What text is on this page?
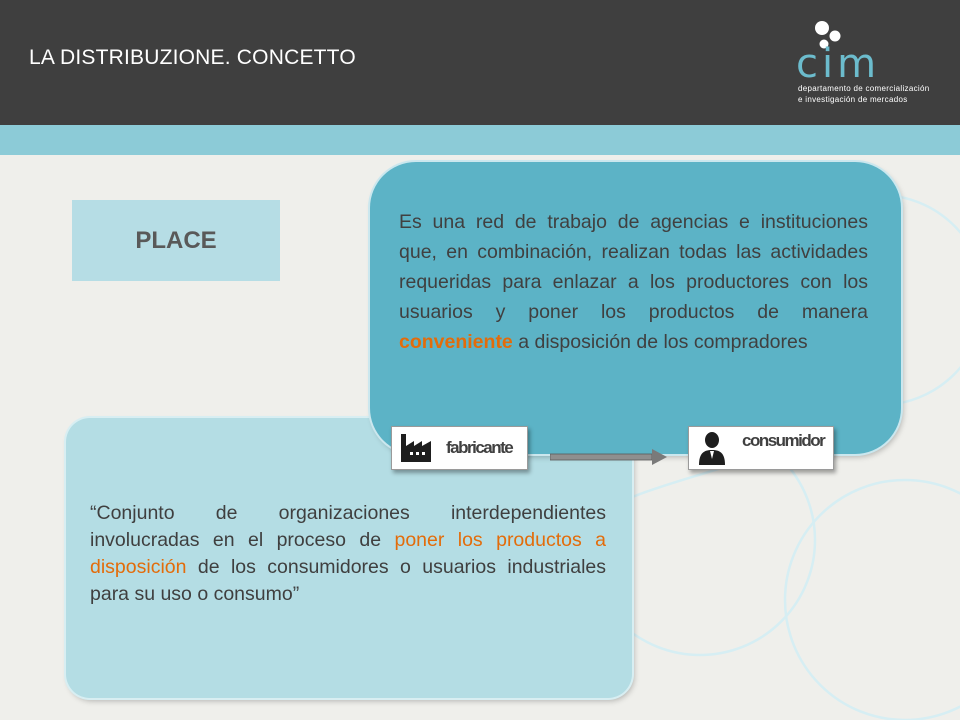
LA DISTRIBUZIONE. CONCETTO	cim
departamento de comercialización
e investigación de mercados
PLACE
“Conjunto de organizaciones interdependientes involucradas en el proceso de poner los productos a disposición de los consumidores o usuarios industriales para su uso o consumo”
Es una red de trabajo de agencias e instituciones que, en combinación, realizan todas las actividades requeridas para enlazar a los productores con los usuarios y poner los productos de manera conveniente a disposición de los compradores
fabricante	consumidor
